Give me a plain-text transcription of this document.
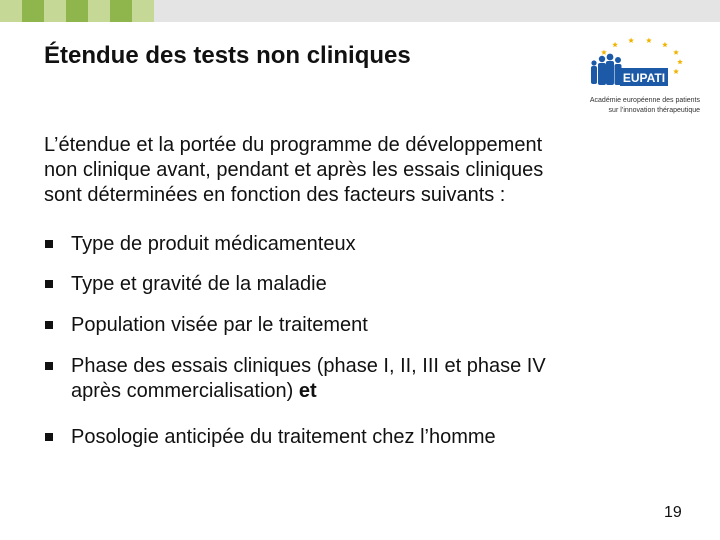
Étendue des tests non cliniques
EUPATI
Académie européenne des patients
sur l’innovation thérapeutique
L’étendue et la portée du programme de développement
non clinique avant, pendant et après les essais cliniques
sont déterminées en fonction des facteurs suivants :
Type de produit médicamenteux
Type et gravité de la maladie
Population visée par le traitement
Phase des essais cliniques (phase I, II, III et phase IV
après commercialisation) et
Posologie anticipée du traitement chez l’homme
19
